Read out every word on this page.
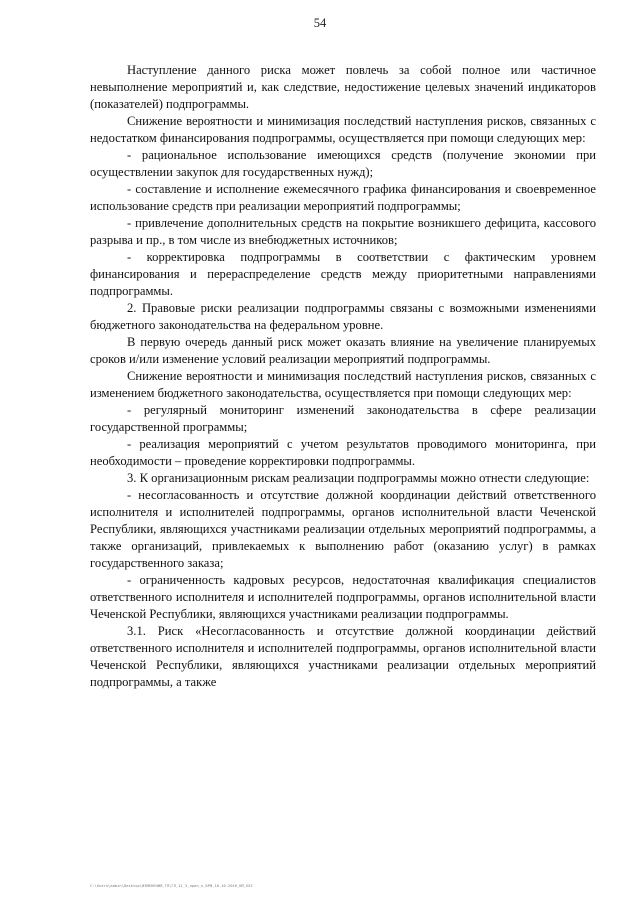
54

Наступление данного риска может повлечь за собой полное или частичное невыполнение мероприятий и, как следствие, недостижение целевых значений индикаторов (показателей) подпрограммы.

Снижение вероятности и минимизация последствий наступления рисков, связанных с недостатком финансирования подпрограммы, осуществляется при помощи следующих мер:

- рациональное использование имеющихся средств (получение экономии при осуществлении закупок для государственных нужд);

- составление и исполнение ежемесячного графика финансирования и своевременное использование средств при реализации мероприятий подпрограммы;

- привлечение дополнительных средств на покрытие возникшего дефицита, кассового разрыва и пр., в том числе из внебюджетных источников;

- корректировка подпрограммы в соответствии с фактическим уровнем финансирования и перераспределение средств между приоритетными направлениями подпрограммы.

2. Правовые риски реализации подпрограммы связаны с возможными изменениями бюджетного законодательства на федеральном уровне.

В первую очередь данный риск может оказать влияние на увеличение планируемых сроков и/или изменение условий реализации мероприятий подпрограммы.

Снижение вероятности и минимизация последствий наступления рисков, связанных с изменением бюджетного законодательства, осуществляется при помощи следующих мер:

- регулярный мониторинг изменений законодательства в сфере реализации государственной программы;

- реализация мероприятий с учетом результатов проводимого мониторинга, при необходимости – проведение корректировки подпрограммы.

3. К организационным рискам реализации подпрограммы можно отнести следующие:

- несогласованность и отсутствие должной координации действий ответственного исполнителя и исполнителей подпрограммы, органов исполнительной власти Чеченской Республики, являющихся участниками реализации отдельных мероприятий подпрограммы, а также организаций, привлекаемых к выполнению работ (оказанию услуг) в рамках государственного заказа;

- ограниченность кадровых ресурсов, недостаточная квалификация специалистов ответственного исполнителя и исполнителей подпрограммы, органов исполнительной власти Чеченской Республики, являющихся участниками реализации подпрограммы.

3.1. Риск «Несогласованность и отсутствие должной координации действий ответственного исполнителя и исполнителей подпрограммы, органов исполнительной власти Чеченской Республики, являющихся участниками реализации отдельных мероприятий подпрограммы, а также

C:\Users\admin\Desktop\ИЗМЕНЕНИЯ_ГП\ГП_11_3_прил_к_БРФ_10.10.2016_ИП_БЕС
